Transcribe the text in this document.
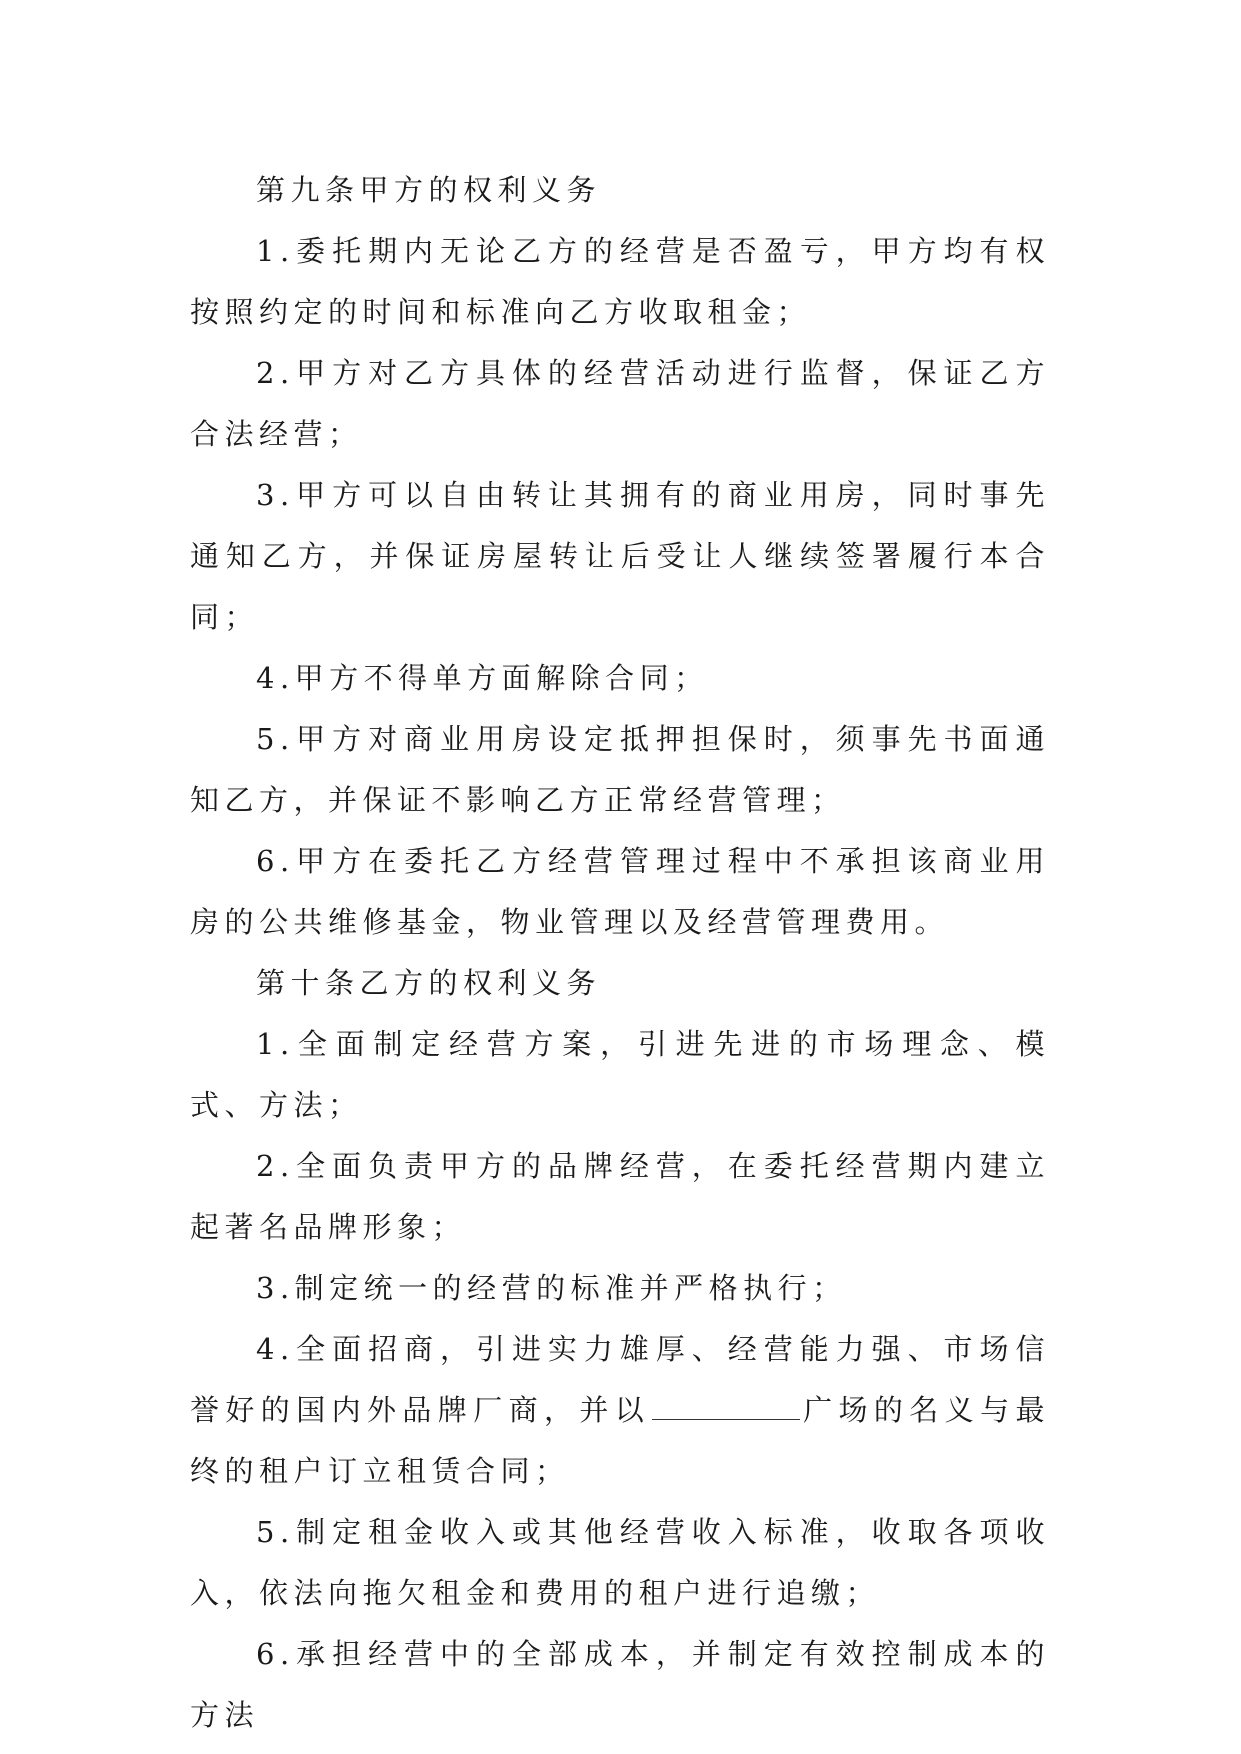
第九条甲方的权利义务

1.委托期内无论乙方的经营是否盈亏，甲方均有权按照约定的时间和标准向乙方收取租金；

2.甲方对乙方具体的经营活动进行监督，保证乙方合法经营；

3.甲方可以自由转让其拥有的商业用房，同时事先通知乙方，并保证房屋转让后受让人继续签署履行本合同；

4.甲方不得单方面解除合同；

5.甲方对商业用房设定抵押担保时，须事先书面通知乙方，并保证不影响乙方正常经营管理；

6.甲方在委托乙方经营管理过程中不承担该商业用房的公共维修基金，物业管理以及经营管理费用。

第十条乙方的权利义务

1.全面制定经营方案，引进先进的市场理念、模式、方法；

2.全面负责甲方的品牌经营，在委托经营期内建立起著名品牌形象；

3.制定统一的经营的标准并严格执行；

4.全面招商，引进实力雄厚、经营能力强、市场信誉好的国内外品牌厂商，并以	广场的名义与最终的租户订立租赁合同；

5.制定租金收入或其他经营收入标准，收取各项收入，依法向拖欠租金和费用的租户进行追缴；

6.承担经营中的全部成本，并制定有效控制成本的方法
